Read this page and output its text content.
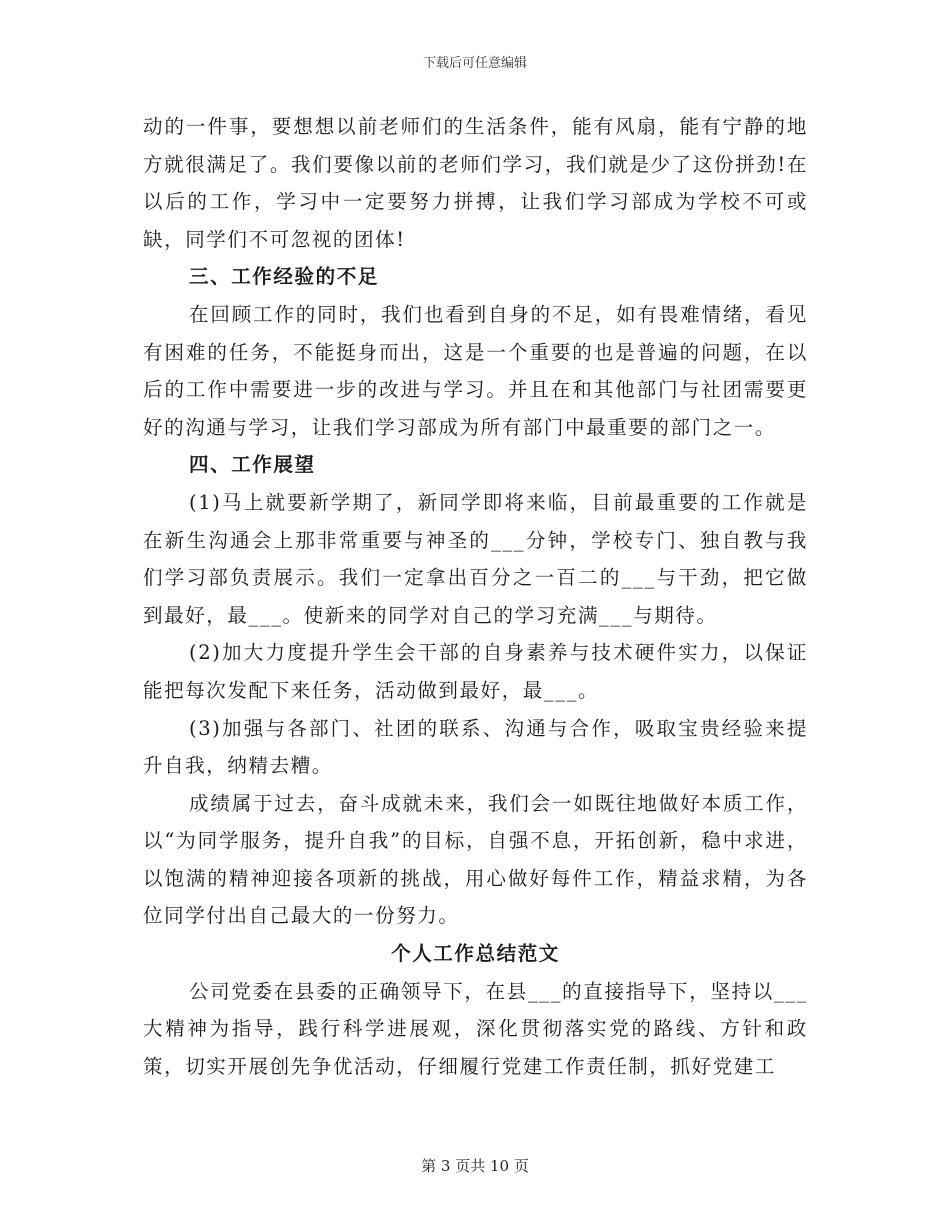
下载后可任意编辑

动的一件事，要想想以前老师们的生活条件，能有风扇，能有宁静的地方就很满足了。我们要像以前的老师们学习，我们就是少了这份拼劲!在以后的工作，学习中一定要努力拼搏，让我们学习部成为学校不可或缺，同学们不可忽视的团体!

三、工作经验的不足

在回顾工作的同时，我们也看到自身的不足，如有畏难情绪，看见有困难的任务，不能挺身而出，这是一个重要的也是普遍的问题，在以后的工作中需要进一步的改进与学习。并且在和其他部门与社团需要更好的沟通与学习，让我们学习部成为所有部门中最重要的部门之一。

四、工作展望

(1)马上就要新学期了，新同学即将来临，目前最重要的工作就是在新生沟通会上那非常重要与神圣的___分钟，学校专门、独自教与我们学习部负责展示。我们一定拿出百分之一百二的___与干劲，把它做到最好，最___。使新来的同学对自己的学习充满___与期待。

(2)加大力度提升学生会干部的自身素养与技术硬件实力，以保证能把每次发配下来任务，活动做到最好，最___。

(3)加强与各部门、社团的联系、沟通与合作，吸取宝贵经验来提升自我，纳精去糟。

成绩属于过去，奋斗成就未来，我们会一如既往地做好本质工作，以“为同学服务，提升自我”的目标，自强不息，开拓创新，稳中求进，以饱满的精神迎接各项新的挑战，用心做好每件工作，精益求精，为各位同学付出自己最大的一份努力。

个人工作总结范文

公司党委在县委的正确领导下，在县___的直接指导下，坚持以___大精神为指导，践行科学进展观，深化贯彻落实党的路线、方针和政策，切实开展创先争优活动，仔细履行党建工作责任制，抓好党建工

第 3 页共 10 页
